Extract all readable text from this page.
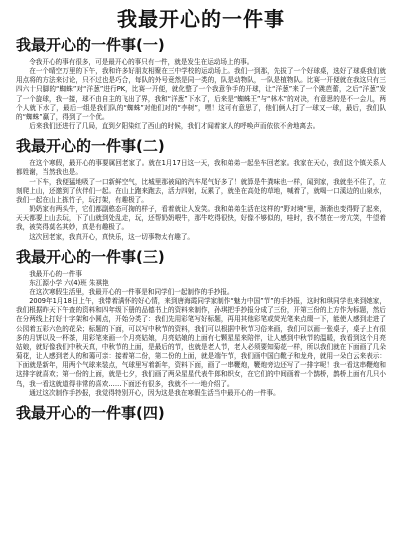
我最开心的一件事
我最开心的一件事(一)

令我开心的事有很多，可是最开心的事只有一件，就是发生在运动场上的事。

在一个晴空万里的下午，我和许多好朋友相聚在三中学校的运动场上。我们一到那，先拔了一个好球桌，选好了球桌我们就用点将的方法来讨论，只不过也是巧合，每队的外号竟然是同一类的，队是动物队，一队是植物队。比赛一开便就在我这只有三四六十只脚的“蜘蛛”对“洋葱”进行PK，比赛一开便，就化整了一个我意争手的开球，让“洋葱”来了一个跳芭蕾，之后“洋葱”发了一个旋球，我一接，球不由自主的飞出了界，我和“洋葱”下水了，后来是“蜘蛛王”与“林木”的对决，有意思的是不一会儿，两个人就下水了，最后一组是我们队的“蜘蛛”对他们对的“李树”，嘿！这可有意思了，他们俩人打了一球又一球，最后，我们队的“蜘蛛”赢了，得到了一个优。

后来我们还进行了几局，直到夕阳染红了西山的时候，我们才闻着家人的呼唤声而依依不舍地离去。

我最开心的一件事(二)

在这个寒假，最开心的事要属回老家了。就在1月17日这一天，我和弟弟一起坐车回老家。我家在天心，我们这个镇关系人都姓谢，当然我也是。

一下车，我便猛地吸了一口新鲜空气，比城里那被闻的汽车尾气好多了！就算是牛粪味也一样，闻到家，我就坐不住了，立刻爬上山，还邀到了伙伴们一起。在山上跑来跑去，活力四射，玩累了，就坐在高处的草地，喊着了，就喝一口溪边的山泉水，我们一起在山上拣竹子，玩打架，有趣极了。

奶奶家有两头牛，它们都副憨态可掬的样子，看着就让人发笑。我和弟弟生活在这样的“野对境”里，渐渐也变得野了起来，天天都要上山去玩，下了山就到处乱走，玩，还帮奶奶喂牛，那牛吃得很快，好像不够似的，哇时，我不禁在一旁亢笑，牛望着我，被笑得莫名其妙，真是有趣极了。

这次回老家，我真开心，真快乐，这一切事物太有趣了。

我最开心的一件事(三)
我最开心的一件事
东江源小学 六(4)班 朱祺艳

在这次寒假生活里，我最开心的一件事是和同学们一起制作的手抄报。

2009年1月18日上午，我带着满怀的好心情，来到唐海霞同学家制作“魅力中国”节”的手抄报，这时和琪同学也来到她家，我们根据昨天下午查的资料和四年级下册的品德书上的资料来制作，孙琪把手抄报分成了三份，开第三份的上方作为标题，然后在分两线上打好十字架和小圆点，开始分类了：我们先用彩笔写好标题，再用其他彩笔或荧光笔来点缀一下，能使人感到走进了公园着五彩六色的花朵；标题的下面，可以写中秋节的资料，我们可以根据中秋节习俗来画，我们可以画一张桌子，桌子上有很多的月饼以及一杯茶，用彩笔来画一个月亮姑娘，月亮姑娘的上面有七颗星星来陪伴，让人感到中秋节的温暖，我看到这个月亮姑娘，就好像我们中秋天真，中秋节的上面，是最后的节，也就是老人节，老人必须要知菊花一样，所以我们就在下面画了几朵菊花，让人感到老人的和蔼可亲：接着第二份，第二份的上面，就是端午节，我们画中国白靴子和龙舟，就用一朵白云来表示：下面就是新年，用两个气球来装点，气球里写着新年，资料下面，画了一串鞭炮，鞭炮旁边还写了一排字呢！我一看这串鞭炮和这排字就喜欢；第一份的上面，就是七夕，我们画了两朵星星代表牛郎和织女，在它们的中间画着一个鹊桥，鹊桥上面有几只小鸟，我一看这就道得非常的喜欢……下面还有很多，我就不一一地介绍了。

通过这次制作手抄报，我觉得特别开心，因为这是我在寒假生活当中最开心的一件事。

我最开心的一件事(四)
